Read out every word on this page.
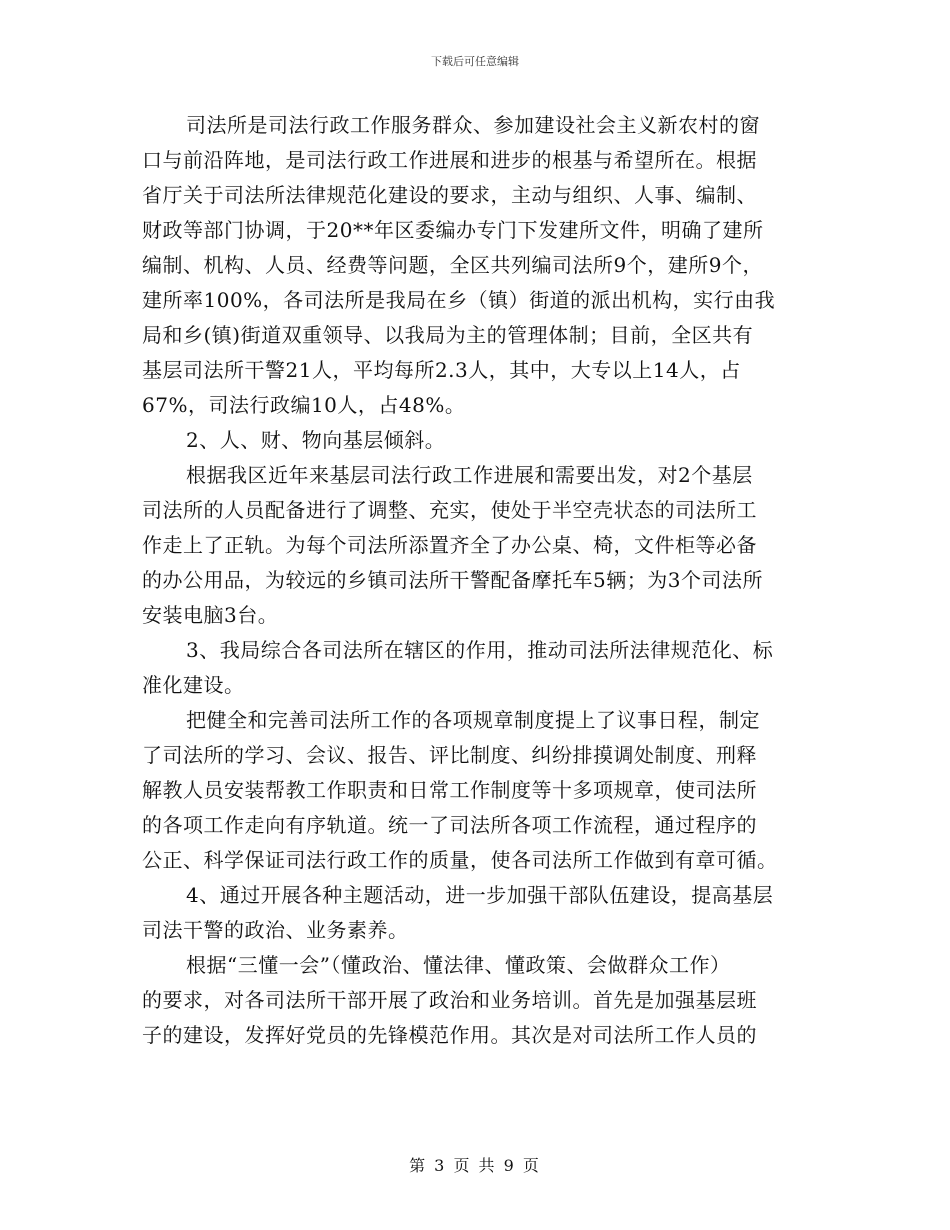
下载后可任意编辑
司法所是司法行政工作服务群众、参加建设社会主义新农村的窗
口与前沿阵地，是司法行政工作进展和进步的根基与希望所在。根据
省厅关于司法所法律规范化建设的要求，主动与组织、人事、编制、
财政等部门协调，于20**年区委编办专门下发建所文件，明确了建所
编制、机构、人员、经费等问题，全区共列编司法所9个，建所9个，
建所率100%，各司法所是我局在乡（镇）街道的派出机构，实行由我
局和乡(镇)街道双重领导、以我局为主的管理体制；目前，全区共有
基层司法所干警21人，平均每所2.3人，其中，大专以上14人，占
67%，司法行政编10人，占48%。
2、人、财、物向基层倾斜。
根据我区近年来基层司法行政工作进展和需要出发，对2个基层
司法所的人员配备进行了调整、充实，使处于半空壳状态的司法所工
作走上了正轨。为每个司法所添置齐全了办公桌、椅，文件柜等必备
的办公用品，为较远的乡镇司法所干警配备摩托车5辆；为3个司法所
安装电脑3台。
3、我局综合各司法所在辖区的作用，推动司法所法律规范化、标
准化建设。
把健全和完善司法所工作的各项规章制度提上了议事日程，制定
了司法所的学习、会议、报告、评比制度、纠纷排摸调处制度、刑释
解教人员安装帮教工作职责和日常工作制度等十多项规章，使司法所
的各项工作走向有序轨道。统一了司法所各项工作流程，通过程序的
公正、科学保证司法行政工作的质量，使各司法所工作做到有章可循。
4、通过开展各种主题活动，进一步加强干部队伍建设，提高基层
司法干警的政治、业务素养。
根据“三懂一会”（懂政治、懂法律、懂政策、会做群众工作）
的要求，对各司法所干部开展了政治和业务培训。首先是加强基层班
子的建设，发挥好党员的先锋模范作用。其次是对司法所工作人员的
第 3 页 共 9 页
